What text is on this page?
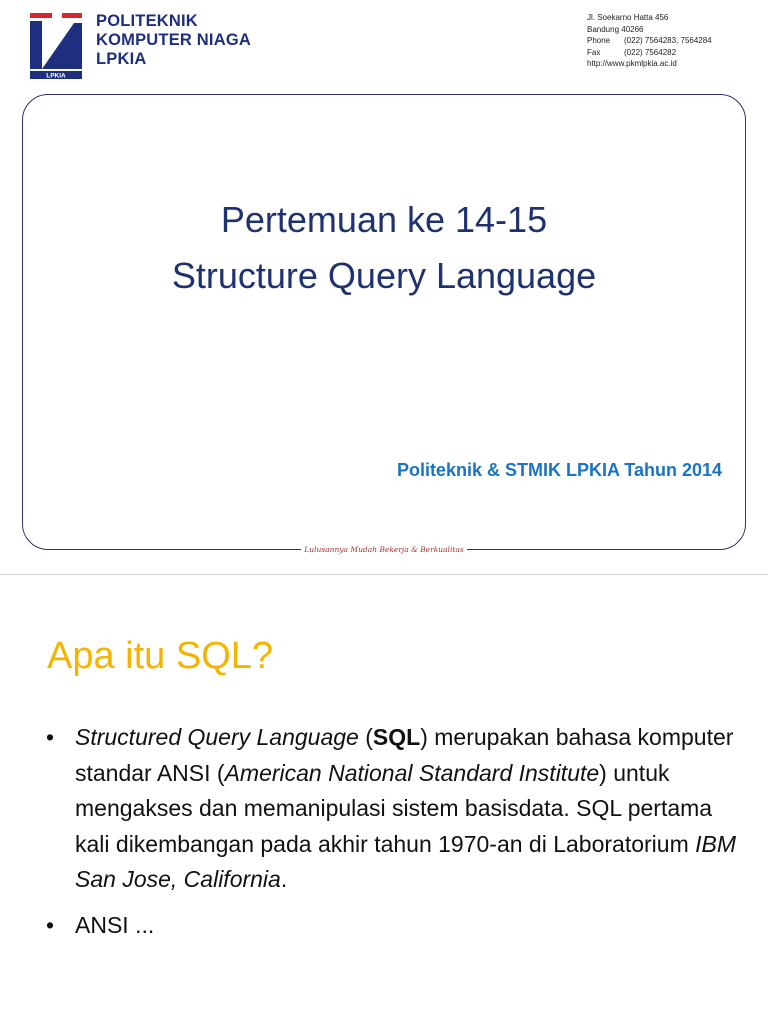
LPKIA
POLITEKNIK
KOMPUTER NIAGA
LPKIA
Jl. Soekarno Hatta 456
Bandung 40266
Phone (022) 7564283, 7564284
Fax	(022) 7564282
http://www.pkmlpkia.ac.id
Pertemuan ke 14-15
Structure Query Language
Politeknik & STMIK LPKIA Tahun 2014
Lulusannya Mudah Bekerja & Berkualitas
Apa itu SQL?
• Structured Query Language (SQL) merupakan bahasa komputer standar ANSI (American National Standard Institute) untuk mengakses dan memanipulasi sistem basisdata. SQL pertama kali dikembangan pada akhir tahun 1970-an di Laboratorium IBM San Jose, California.
• ANSI ...
